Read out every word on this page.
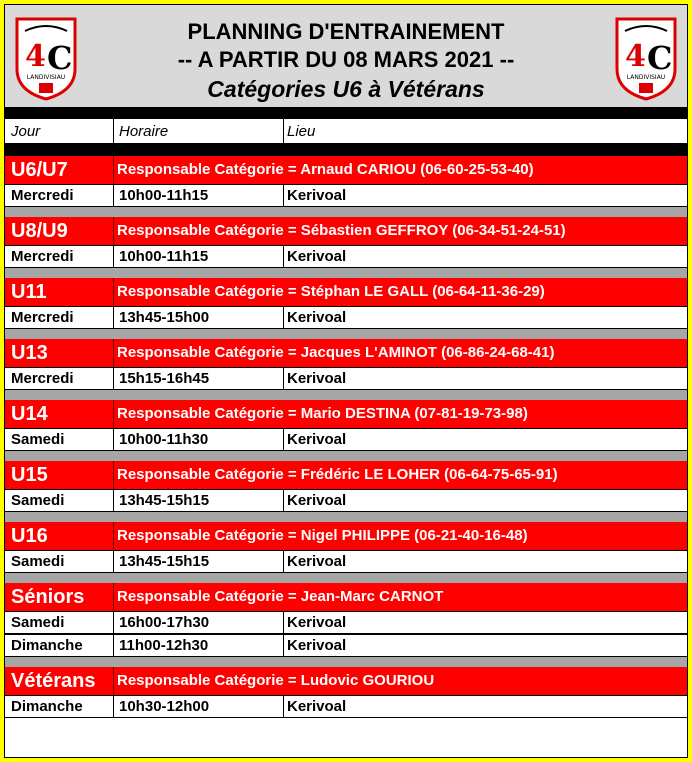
4 C
LANDIVISIAU
PLANNING D'ENTRAINEMENT
-- A PARTIR DU 08 MARS 2021 --
Catégories U6 à Vétérans
4 C
LANDIVISIAU
Jour	Horaire	Lieu
U6/U7	Responsable Catégorie = Arnaud CARIOU (06-60-25-53-40)
Mercredi	10h00-11h15	Kerivoal
U8/U9	Responsable Catégorie = Sébastien GEFFROY (06-34-51-24-51)
Mercredi	10h00-11h15	Kerivoal
U11	Responsable Catégorie = Stéphan LE GALL (06-64-11-36-29)
Mercredi	13h45-15h00	Kerivoal
U13	Responsable Catégorie = Jacques L'AMINOT (06-86-24-68-41)
Mercredi	15h15-16h45	Kerivoal
U14	Responsable Catégorie = Mario DESTINA (07-81-19-73-98)
Samedi	10h00-11h30	Kerivoal
U15	Responsable Catégorie = Frédéric LE LOHER (06-64-75-65-91)
Samedi	13h45-15h15	Kerivoal
U16	Responsable Catégorie = Nigel PHILIPPE (06-21-40-16-48)
Samedi	13h45-15h15	Kerivoal
Séniors Responsable Catégorie = Jean-Marc CARNOT
Samedi	16h00-17h30	Kerivoal
Dimanche 11h00-12h30	Kerivoal
Vétérans Responsable Catégorie = Ludovic GOURIOU
Dimanche 10h30-12h00	Kerivoal
